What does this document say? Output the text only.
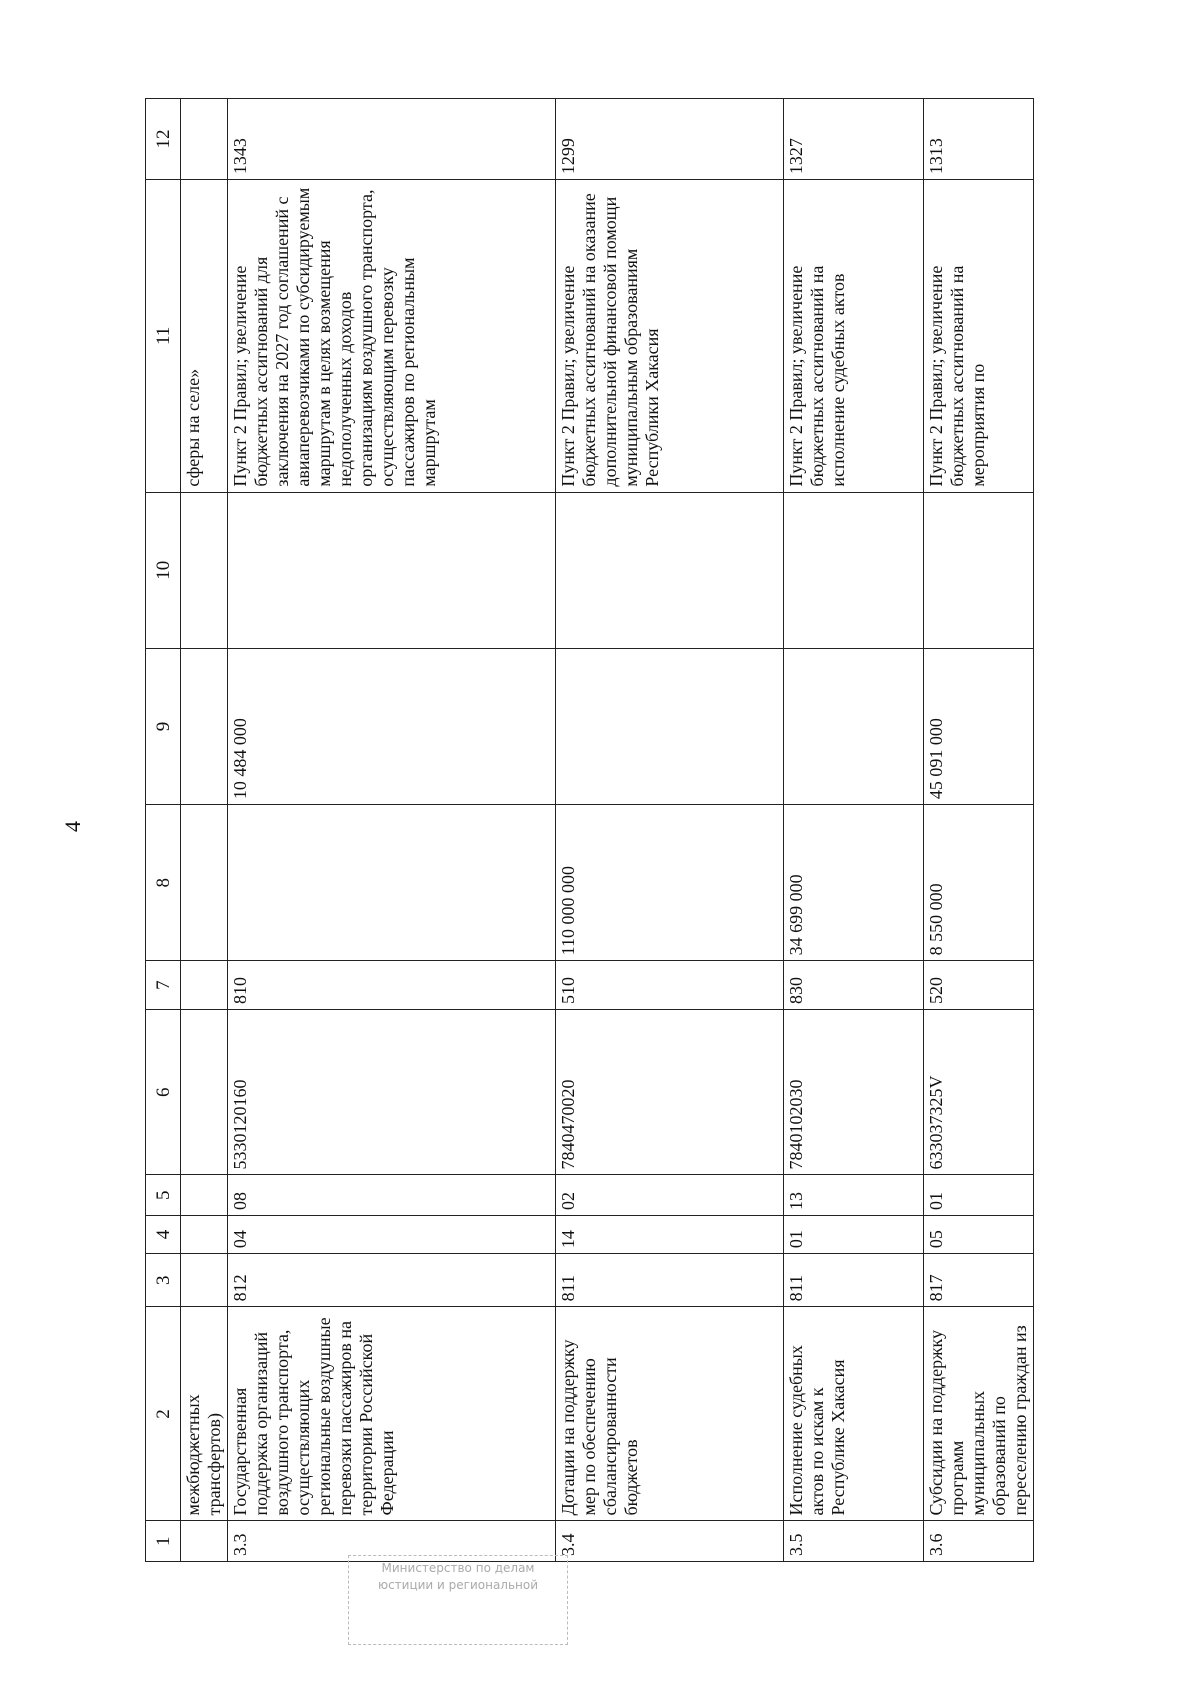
4
1	2	3	4	5	6	7	8	9	10	11	12
	межбюджетных трансфертов)									сферы на селе»	
3.3	Государственная поддержка организаций воздушного транспорта, осуществляющих региональные воздушные перевозки пассажиров на территории Российской Федерации	812	04	08	5330120160	810		10 484 000		Пункт 2 Правил; увеличение бюджетных ассигнований для заключения на 2027 год соглашений с авиаперевозчиками по субсидируемым маршрутам в целях возмещения недополученных доходов организациям воздушного транспорта, осуществляющим перевозку пассажиров по региональным маршрутам	1343
3.4	Дотации на поддержку мер по обеспечению сбалансированности бюджетов	811	14	02	7840470020	510	110 000 000			Пункт 2 Правил; увеличение бюджетных ассигнований на оказание дополнительной финансовой помощи муниципальным образованиям Республики Хакасия	1299
3.5	Исполнение судебных актов по искам к Республике Хакасия	811	01	13	7840102030	830	34 699 000			Пункт 2 Правил; увеличение бюджетных ассигнований на исполнение судебных актов	1327
3.6	Субсидии на поддержку программ муниципальных образований по переселению граждан из	817	05	01	633037325V	520	8 550 000	45 091 000		Пункт 2 Правил; увеличение бюджетных ассигнований на мероприятия по	1313
Министерство по делам
юстиции и региональной
